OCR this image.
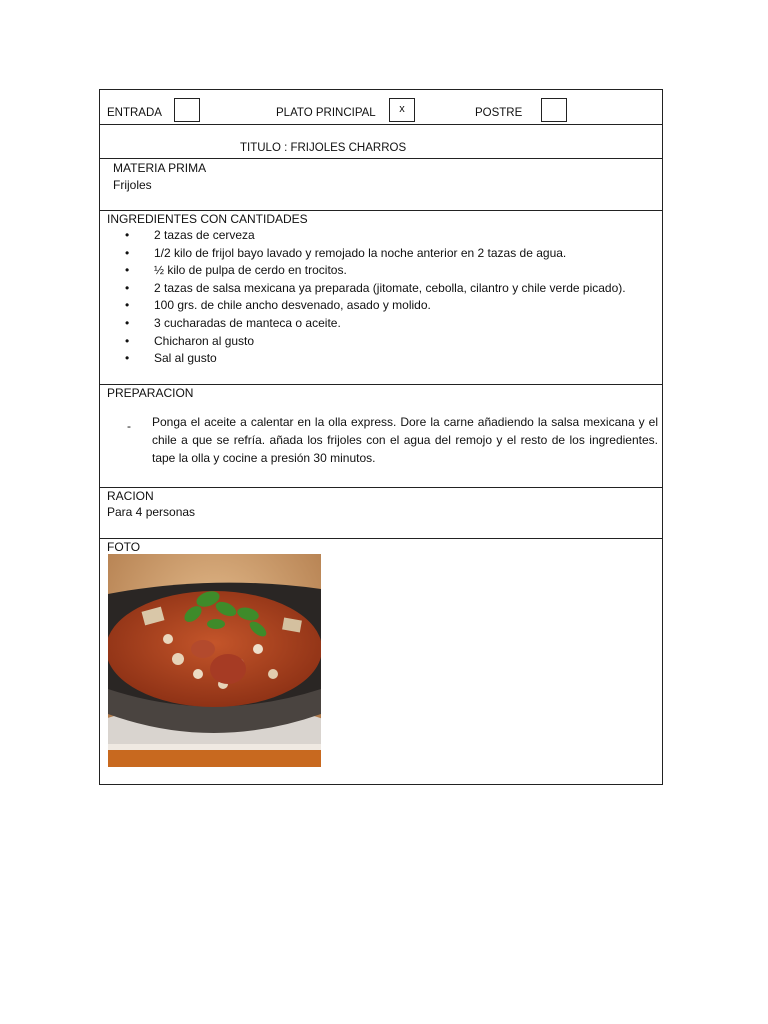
ENTRADA	PLATO PRINCIPAL	x	POSTRE
TITULO : FRIJOLES CHARROS
MATERIA PRIMA
Frijoles
INGREDIENTES CON CANTIDADES
• 2 tazas de cerveza
• 1/2 kilo de frijol bayo lavado y remojado la noche anterior en 2 tazas de agua.
• ½ kilo de pulpa de cerdo en trocitos.
• 2 tazas de salsa mexicana ya preparada (jitomate, cebolla, cilantro y chile verde picado).
• 100 grs. de chile ancho desvenado, asado y molido.
• 3 cucharadas de manteca o aceite.
• Chicharon al gusto
• Sal al gusto
PREPARACION
- Ponga el aceite a calentar en la olla express. Dore la carne añadiendo la salsa mexicana y el chile a que se refría. añada los frijoles con el agua del remojo y el resto de los ingredientes. tape la olla y cocine a presión 30 minutos.
RACION
Para 4 personas
FOTO
